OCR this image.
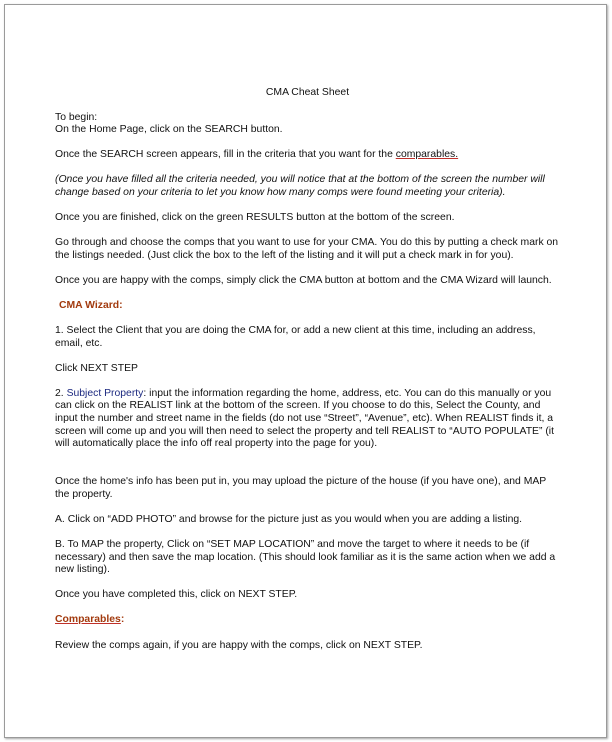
CMA Cheat Sheet

To begin:
On the Home Page, click on the SEARCH button.

Once the SEARCH screen appears, fill in the criteria that you want for the comparables.

(Once you have filled all the criteria needed, you will notice that at the bottom of the screen the number will change based on your criteria to let you know how many comps were found meeting your criteria).

Once you are finished, click on the green RESULTS button at the bottom of the screen.

Go through and choose the comps that you want to use for your CMA. You do this by putting a check mark on the listings needed. (Just click the box to the left of the listing and it will put a check mark in for you).

Once you are happy with the comps, simply click the CMA button at bottom and the CMA Wizard will launch.

CMA Wizard:

1. Select the Client that you are doing the CMA for, or add a new client at this time, including an address, email, etc.

Click NEXT STEP

2. Subject Property: input the information regarding the home, address, etc. You can do this manually or you can click on the REALIST link at the bottom of the screen. If you choose to do this, Select the County, and input the number and street name in the fields (do not use “Street”, “Avenue”, etc). When REALIST finds it, a screen will come up and you will then need to select the property and tell REALIST to “AUTO POPULATE” (it will automatically place the info off real property into the page for you).

Once the home's info has been put in, you may upload the picture of the house (if you have one), and MAP the property.

A. Click on “ADD PHOTO” and browse for the picture just as you would when you are adding a listing.

B. To MAP the property, Click on “SET MAP LOCATION” and move the target to where it needs to be (if necessary) and then save the map location. (This should look familiar as it is the same action when we add a new listing).

Once you have completed this, click on NEXT STEP.

Comparables:

Review the comps again, if you are happy with the comps, click on NEXT STEP.
